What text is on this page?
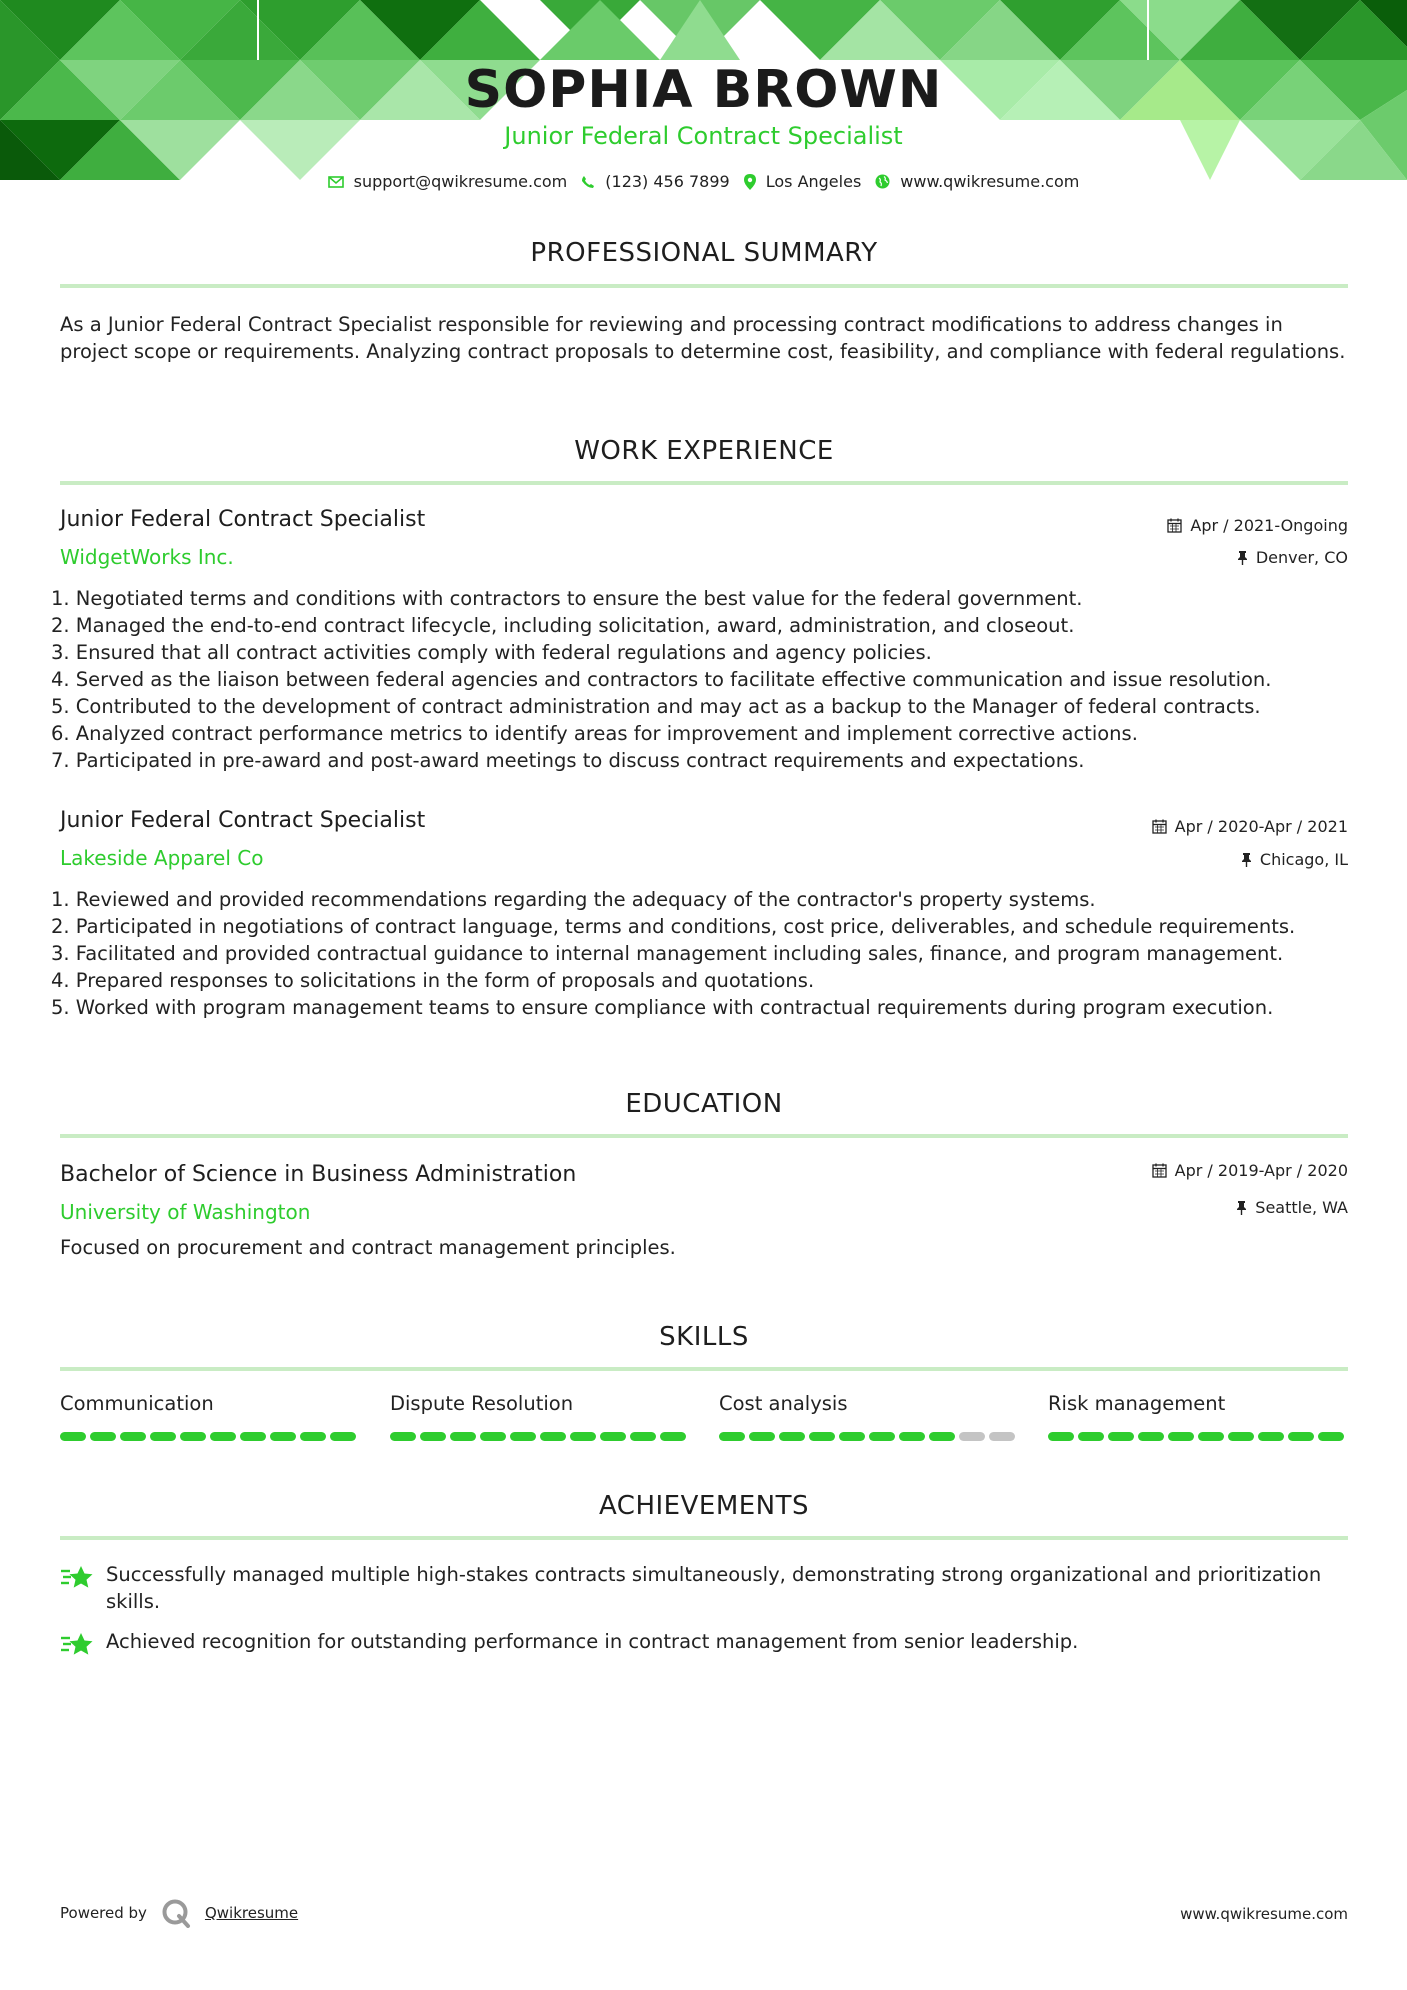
SOPHIA BROWN
Junior Federal Contract Specialist
support@qwikresume.com (123) 456 7899 Los Angeles www.qwikresume.com
PROFESSIONAL SUMMARY
As a Junior Federal Contract Specialist responsible for reviewing and processing contract modifications to address changes in project scope or requirements. Analyzing contract proposals to determine cost, feasibility, and compliance with federal regulations.
WORK EXPERIENCE
Junior Federal Contract Specialist
WidgetWorks Inc.
Apr / 2021-Ongoing
Denver, CO
1. Negotiated terms and conditions with contractors to ensure the best value for the federal government.
2. Managed the end-to-end contract lifecycle, including solicitation, award, administration, and closeout.
3. Ensured that all contract activities comply with federal regulations and agency policies.
4. Served as the liaison between federal agencies and contractors to facilitate effective communication and issue resolution.
5. Contributed to the development of contract administration and may act as a backup to the Manager of federal contracts.
6. Analyzed contract performance metrics to identify areas for improvement and implement corrective actions.
7. Participated in pre-award and post-award meetings to discuss contract requirements and expectations.
Junior Federal Contract Specialist
Lakeside Apparel Co
Apr / 2020-Apr / 2021
Chicago, IL
1. Reviewed and provided recommendations regarding the adequacy of the contractor's property systems.
2. Participated in negotiations of contract language, terms and conditions, cost price, deliverables, and schedule requirements.
3. Facilitated and provided contractual guidance to internal management including sales, finance, and program management.
4. Prepared responses to solicitations in the form of proposals and quotations.
5. Worked with program management teams to ensure compliance with contractual requirements during program execution.
EDUCATION
Bachelor of Science in Business Administration
University of Washington
Apr / 2019-Apr / 2020
Seattle, WA
Focused on procurement and contract management principles.
SKILLS
Communication	Dispute Resolution	Cost analysis	Risk management
ACHIEVEMENTS
Successfully managed multiple high-stakes contracts simultaneously, demonstrating strong organizational and prioritization skills.
Achieved recognition for outstanding performance in contract management from senior leadership.
Powered by	Qwikresume	www.qwikresume.com
